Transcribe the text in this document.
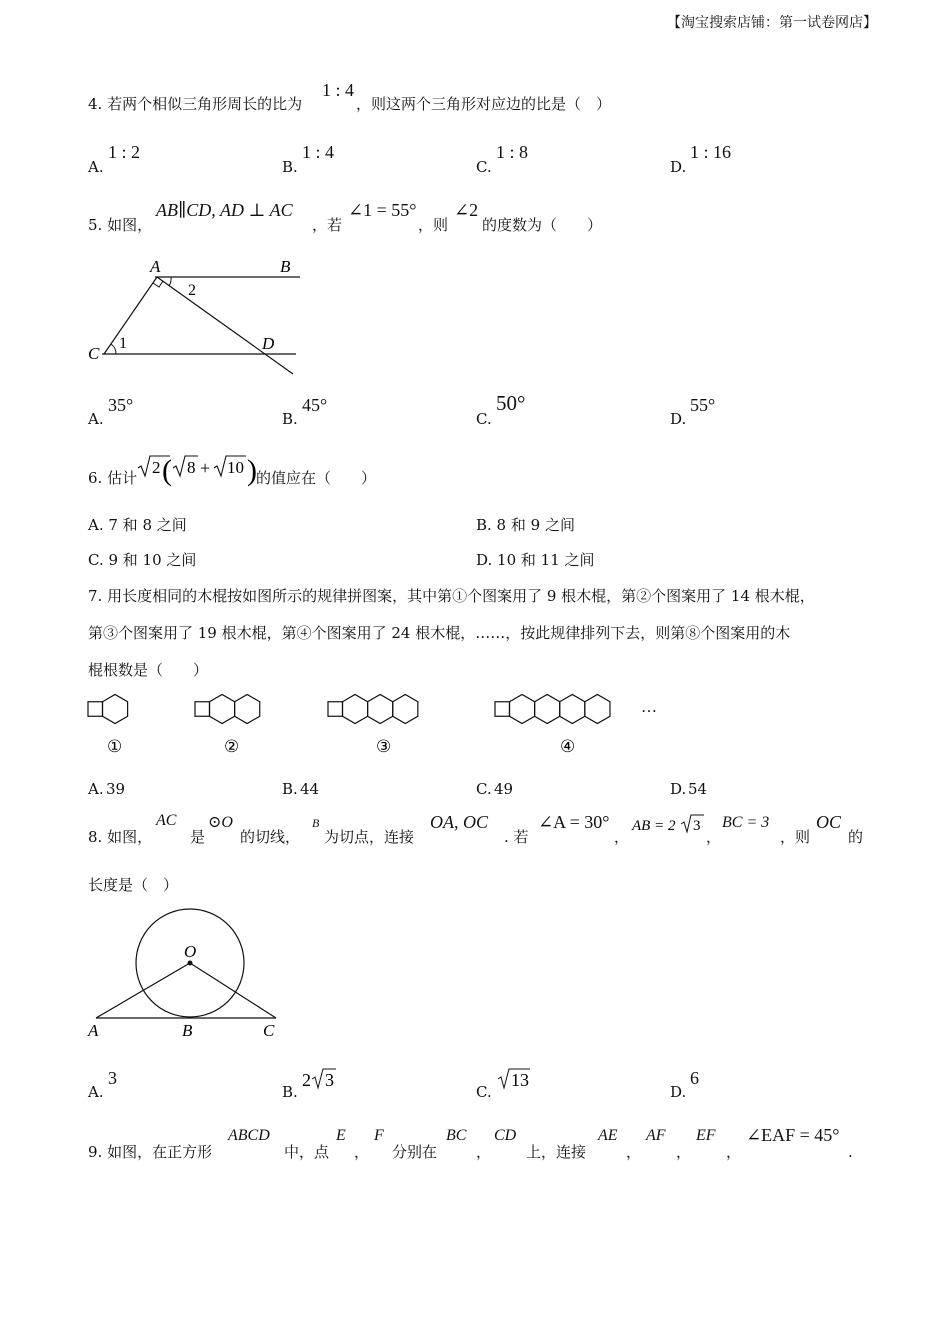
【淘宝搜索店铺：第一试卷网店】
4. 若两个相似三角形周长的比为
1 : 4
，则这两个三角形对应边的比是（　）
A.
1 : 2
B.
1 : 4
C.
1 : 8
D.
1 : 16
5. 如图，
AB∥CD, AD ⊥ AC
，若
∠1 = 55°
，则
∠2
的度数为（　　）
A	B
C
D
1
2
A.
35°
B.
45°
C.
50°
D.
55°
6. 估计
2 ( 8 + 10 ) 的值应在（　　）
A. 7 和 8 之间	B. 8 和 9 之间
C. 9 和 10 之间	D. 10 和 11 之间
7. 用长度相同的木棍按如图所示的规律拼图案，其中第①个图案用了 9 根木棍，第②个图案用了 14 根木棍，
第③个图案用了 19 根木棍，第④个图案用了 24 根木棍，……，按此规律排列下去，则第⑧个图案用的木
棍根数是（　　）
…
①	②	③	④
A. 39	B. 44	C. 49	D. 54
8. 如图，
AC
是
⊙O
的切线，
B
为切点，连接
OA, OC
. 若
∠A = 30°
，
AB = 2 3
，
BC = 3
，则
OC
的
长度是（　）
O
A	B	C
A.
3
B.
2 3
C.
13
D.
6
9. 如图，在正方形
ABCD
中，点
E
，
F
分别在
BC
，
CD
上，连接
AE
，
AF
，
EF
，
∠EAF = 45°
.
